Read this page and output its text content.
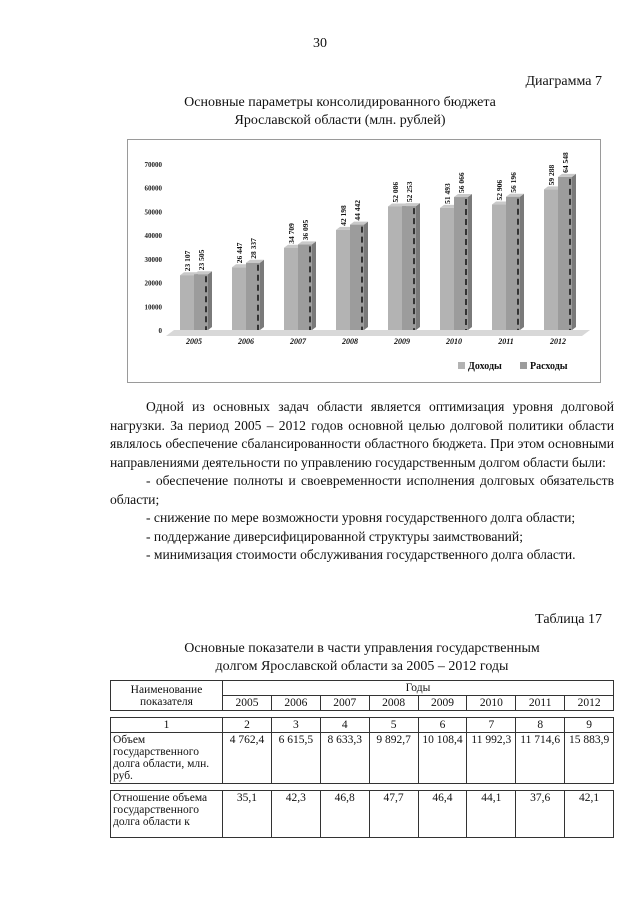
30
Диаграмма 7
Основные параметры консолидированного бюджета
Ярославской области (млн. рублей)
0
10000
20000
30000
40000
50000
60000
70000
23 107 23 505
2005
26 447 28 337
2006
34 709 36 095
2007
42 198 44 442
2008
52 086 52 253
2009
51 493
56 066
2010
52 906 56 196
2011
59 288
64 548
2012
Доходы	Расходы

Одной из основных задач области является оптимизация уровня долговой нагрузки. За период 2005 – 2012 годов основной целью долговой политики области являлось обеспечение сбалансированности областного бюджета. При этом основными направлениями деятельности по управлению государственным долгом области были:

- обеспечение полноты и своевременности исполнения долговых обязательств области;

- снижение по мере возможности уровня государственного долга области;

- поддержание диверсифицированной структуры заимствований;

- минимизация стоимости обслуживания государственного долга области.

Таблица 17
Основные показатели в части управления государственным
долгом Ярославской области за 2005 – 2012 годы
Наименование показателя	Годы							
	2005	2006	2007	2008	2009	2010	2011	2012

1	2	3	4	5	6	7	8	9
Объем государственного долга области, млн. руб.	4 762,4	6 615,5	8 633,3	9 892,7	10 108,4	11 992,3	11 714,6	15 883,9

Отношение объема государственного долга области к	35,1	42,3	46,8	47,7	46,4	44,1	37,6	42,1
